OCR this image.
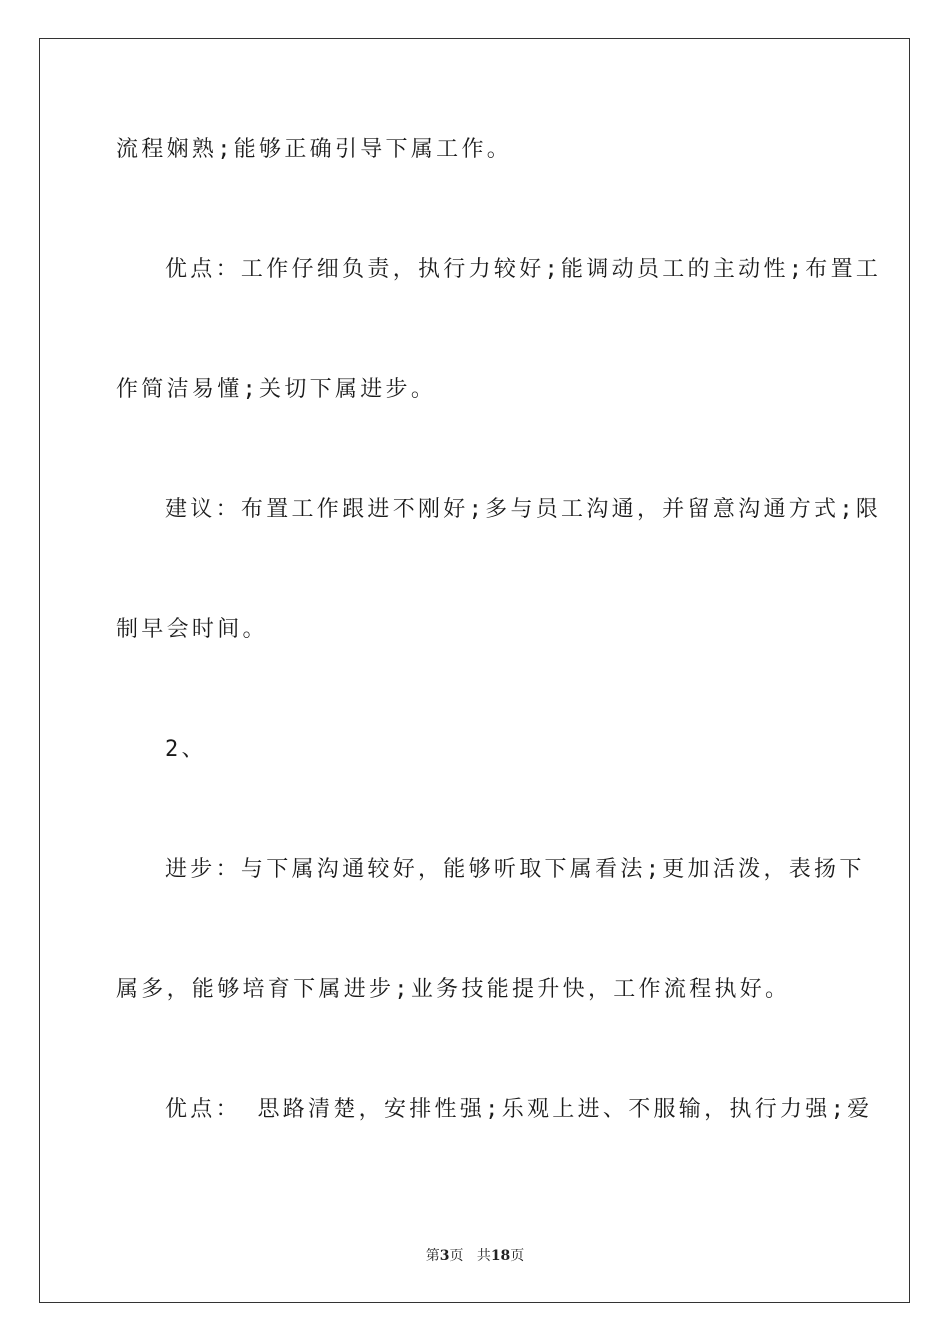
流程娴熟;能够正确引导下属工作。
优点：工作仔细负责，执行力较好;能调动员工的主动性;布置工
作简洁易懂;关切下属进步。
建议：布置工作跟进不刚好;多与员工沟通，并留意沟通方式;限
制早会时间。
2、
进步：与下属沟通较好，能够听取下属看法;更加活泼，表扬下
属多，能够培育下属进步;业务技能提升快，工作流程执好。
优点： 思路清楚，安排性强;乐观上进、不服输，执行力强;爱
第3页 共18页
